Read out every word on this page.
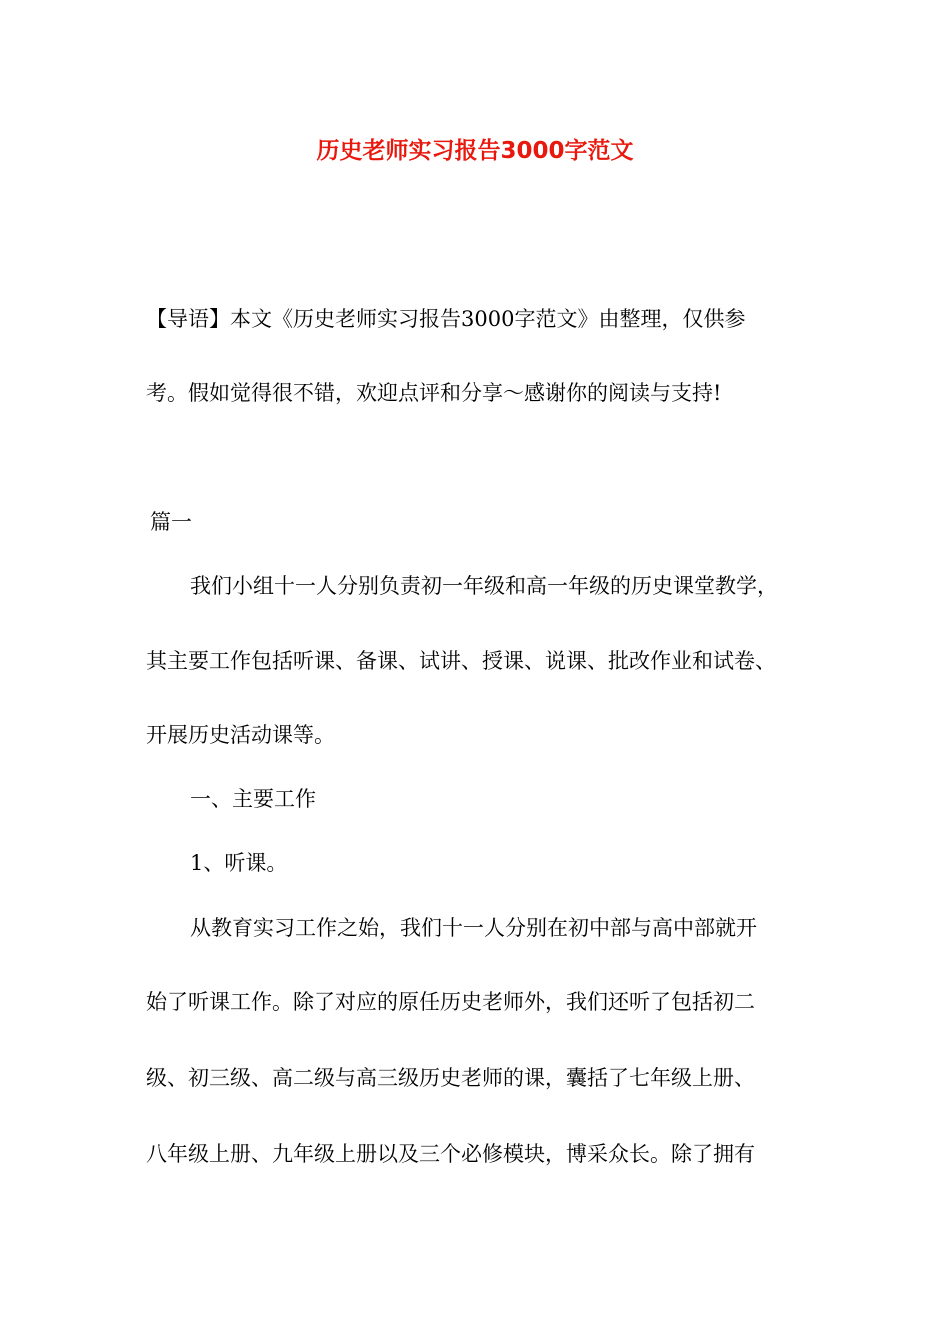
历史老师实习报告3000字范文

【导语】本文《历史老师实习报告3000字范文》由整理，仅供参

考。假如觉得很不错，欢迎点评和分享～感谢你的阅读与支持!

篇一

我们小组十一人分别负责初一年级和高一年级的历史课堂教学，

其主要工作包括听课、备课、试讲、授课、说课、批改作业和试卷、

开展历史活动课等。

一、主要工作

1、听课。

从教育实习工作之始，我们十一人分别在初中部与高中部就开

始了听课工作。除了对应的原任历史老师外，我们还听了包括初二

级、初三级、高二级与高三级历史老师的课，囊括了七年级上册、

八年级上册、九年级上册以及三个必修模块，博采众长。除了拥有
